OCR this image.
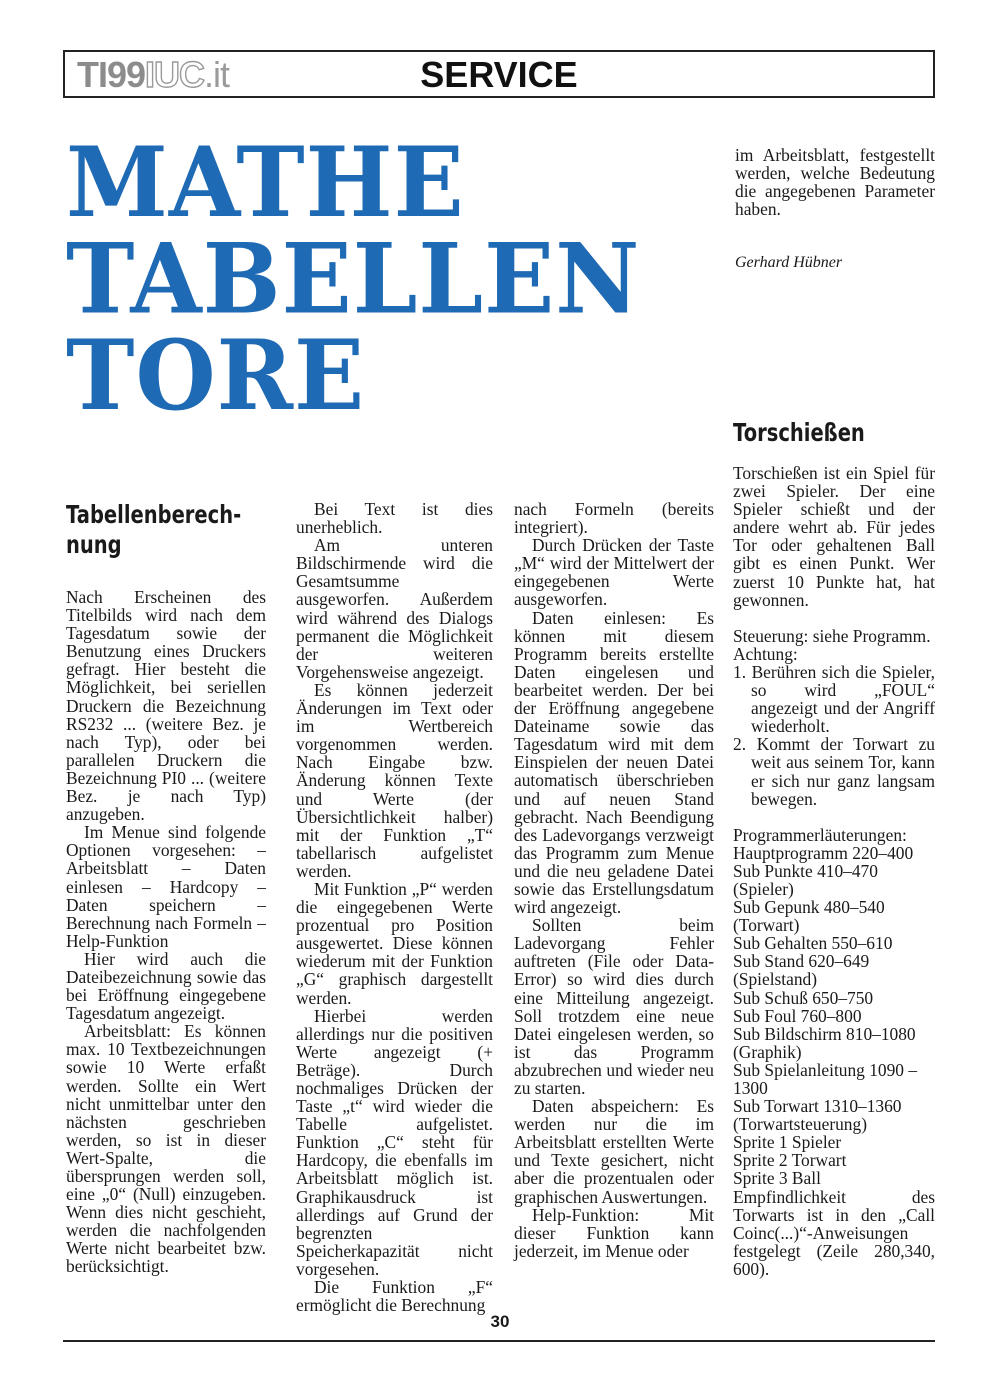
TI99IUC.it	SERVICE
MATHE
TABELLEN
TORE

im Arbeitsblatt, festgestellt werden, welche Bedeutung die angegebenen Parameter haben.

Gerhard Hübner
Tabellenberech-
nung

Nach Erscheinen des Titelbilds wird nach dem Tagesdatum sowie der Benutzung eines Druckers gefragt. Hier besteht die Möglichkeit, bei seriellen Druckern die Bezeichnung RS232 ... (weitere Bez. je nach Typ), oder bei parallelen Druckern die Bezeichnung PI0 ... (weitere Bez. je nach Typ) anzugeben.

Im Menue sind folgende Optionen vorgesehen: – Arbeitsblatt – Daten einlesen – Hardcopy – Daten speichern – Berechnung nach Formeln – Help-Funktion

Hier wird auch die Dateibezeichnung sowie das bei Eröffnung eingegebene Tagesdatum angezeigt.

Arbeitsblatt: Es können max. 10 Textbezeichnungen sowie 10 Werte erfaßt werden. Sollte ein Wert nicht unmittelbar unter den nächsten geschrieben werden, so ist in dieser Wert-Spalte, die übersprungen werden soll, eine „0“ (Null) einzugeben. Wenn dies nicht geschieht, werden die nachfolgenden Werte nicht bearbeitet bzw. berücksichtigt.

Bei Text ist dies unerheblich.

Am unteren Bildschirmende wird die Gesamtsumme ausgeworfen. Außerdem wird während des Dialogs permanent die Möglichkeit der weiteren Vorgehensweise angezeigt.

Es können jederzeit Änderungen im Text oder im Wertbereich vorgenommen werden. Nach Eingabe bzw. Änderung können Texte und Werte (der Übersichtlichkeit halber) mit der Funktion „T“ tabellarisch aufgelistet werden.

Mit Funktion „P“ werden die eingegebenen Werte prozentual pro Position ausgewertet. Diese können wiederum mit der Funktion „G“ graphisch dargestellt werden.

Hierbei werden allerdings nur die positiven Werte angezeigt (+ Beträge). Durch nochmaliges Drücken der Taste „t“ wird wieder die Tabelle aufgelistet. Funktion „C“ steht für Hardcopy, die ebenfalls im Arbeitsblatt möglich ist. Graphikausdruck ist allerdings auf Grund der begrenzten Speicherkapazität nicht vorgesehen.

Die Funktion „F“ ermöglicht die Berechnung

nach Formeln (bereits integriert).

Durch Drücken der Taste „M“ wird der Mittelwert der eingegebenen Werte ausgeworfen.

Daten einlesen: Es können mit diesem Programm bereits erstellte Daten eingelesen und bearbeitet werden. Der bei der Eröffnung angegebene Dateiname sowie das Tagesdatum wird mit dem Einspielen der neuen Datei automatisch überschrieben und auf neuen Stand gebracht. Nach Beendigung des Ladevorgangs verzweigt das Programm zum Menue und die neu geladene Datei sowie das Erstellungsdatum wird angezeigt.

Sollten beim Ladevorgang Fehler auftreten (File oder Data-Error) so wird dies durch eine Mitteilung angezeigt. Soll trotzdem eine neue Datei eingelesen werden, so ist das Programm abzubrechen und wieder neu zu starten.

Daten abspeichern: Es werden nur die im Arbeitsblatt erstellten Werte und Texte gesichert, nicht aber die prozentualen oder graphischen Auswertungen.

Help-Funktion: Mit dieser Funktion kann jederzeit, im Menue oder

Torschießen

Torschießen ist ein Spiel für zwei Spieler. Der eine Spieler schießt und der andere wehrt ab. Für jedes Tor oder gehaltenen Ball gibt es einen Punkt. Wer zuerst 10 Punkte hat, hat gewonnen.

Steuerung: siehe Programm.

Achtung:

1. Berühren sich die Spieler, so wird „FOUL“ angezeigt und der Angriff wiederholt.

2. Kommt der Torwart zu weit aus seinem Tor, kann er sich nur ganz langsam bewegen.

Programmerläuterungen:

Hauptprogramm 220–400

Sub Punkte 410–470 (Spieler)

Sub Gepunk 480–540 (Torwart)

Sub Gehalten 550–610

Sub Stand 620–649 (Spielstand)

Sub Schuß 650–750

Sub Foul 760–800

Sub Bildschirm 810–1080 (Graphik)

Sub Spielanleitung 1090 –1300

Sub Torwart 1310–1360 (Torwartsteuerung)

Sprite 1 Spieler

Sprite 2 Torwart

Sprite 3 Ball

Empfindlichkeit des Torwarts ist in den „Call Coinc(...)“-Anweisungen festgelegt (Zeile 280,340, 600).

30
